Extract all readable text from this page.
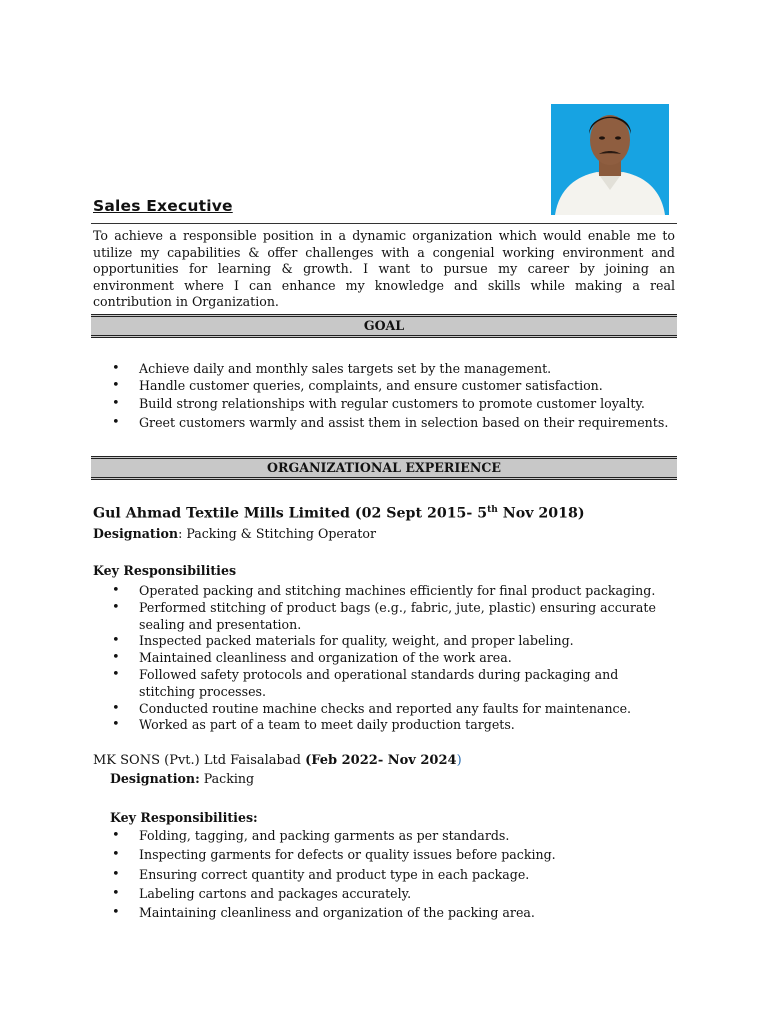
Sales Executive

To achieve a responsible position in a dynamic organization which would enable me to utilize my capabilities & offer challenges with a congenial working environment and opportunities for learning & growth. I want to pursue my career by joining an environment where I can enhance my knowledge and skills while making a real contribution in Organization.

GOAL
• Achieve daily and monthly sales targets set by the management.
• Handle customer queries, complaints, and ensure customer satisfaction.
• Build strong relationships with regular customers to promote customer loyalty.
• Greet customers warmly and assist them in selection based on their requirements.
ORGANIZATIONAL EXPERIENCE

Gul Ahmad Textile Mills Limited (02 Sept 2015- 5th Nov 2018)

Designation: Packing & Stitching Operator

Key Responsibilities

• Operated packing and stitching machines efficiently for final product packaging.
• Performed stitching of product bags (e.g., fabric, jute, plastic) ensuring accurate sealing and presentation.
• Inspected packed materials for quality, weight, and proper labeling.
• Maintained cleanliness and organization of the work area.
• Followed safety protocols and operational standards during packaging and stitching processes.
• Conducted routine machine checks and reported any faults for maintenance.
• Worked as part of a team to meet daily production targets.

MK SONS (Pvt.) Ltd Faisalabad (Feb 2022- Nov 2024)

Designation: Packing

Key Responsibilities:

• Folding, tagging, and packing garments as per standards.
• Inspecting garments for defects or quality issues before packing.
• Ensuring correct quantity and product type in each package.
• Labeling cartons and packages accurately.
• Maintaining cleanliness and organization of the packing area.
